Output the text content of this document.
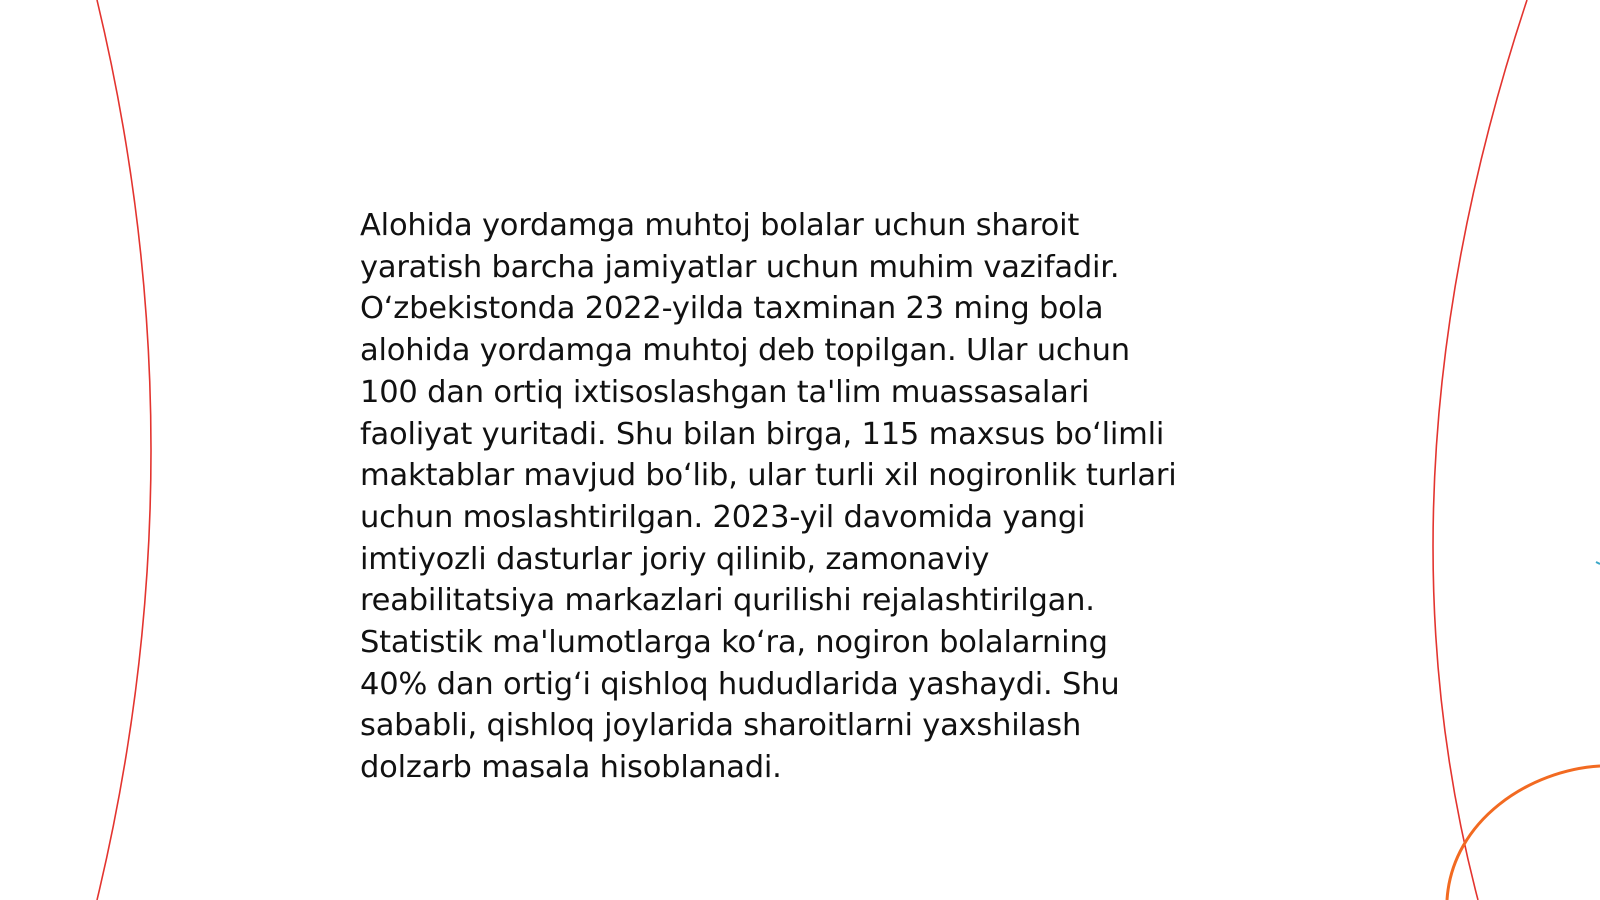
Alohida yordamga muhtoj bolalar uchun sharoit
yaratish barcha jamiyatlar uchun muhim vazifadir.
O‘zbekistonda 2022-yilda taxminan 23 ming bola
alohida yordamga muhtoj deb topilgan. Ular uchun
100 dan ortiq ixtisoslashgan ta'lim muassasalari
faoliyat yuritadi. Shu bilan birga, 115 maxsus bo‘limli
maktablar mavjud bo‘lib, ular turli xil nogironlik turlari
uchun moslashtirilgan. 2023-yil davomida yangi
imtiyozli dasturlar joriy qilinib, zamonaviy
reabilitatsiya markazlari qurilishi rejalashtirilgan.
Statistik ma'lumotlarga ko‘ra, nogiron bolalarning
40% dan ortig‘i qishloq hududlarida yashaydi. Shu
sababli, qishloq joylarida sharoitlarni yaxshilash
dolzarb masala hisoblanadi.
